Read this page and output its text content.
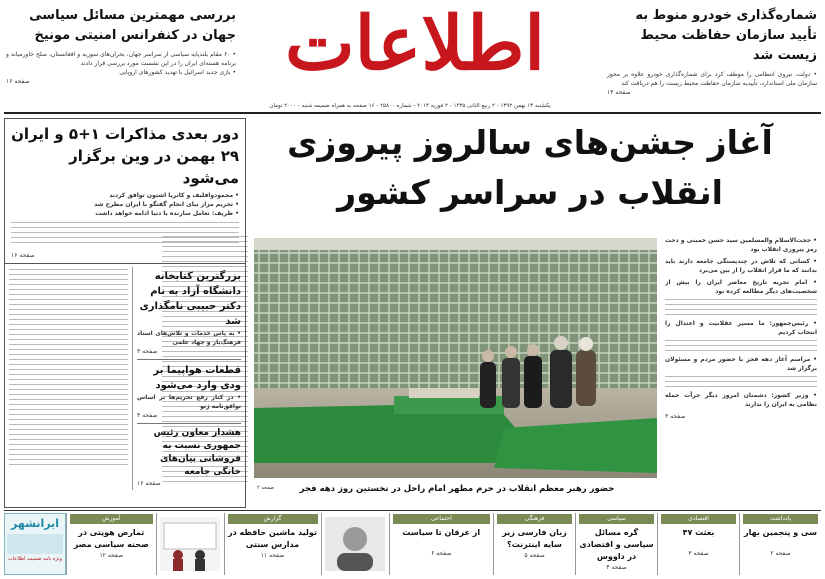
شماره‌گذاری خودرو منوط به تأیید سازمان حفاظت محیط زیست شد
• دولت، نیروی انتظامی را موظف کرد برای شماره‌گذاری خودرو علاوه بر مجوز سازمان ملی استاندارد، تأییدیه سازمان حفاظت محیط زیست را هم دریافت کند
صفحه ۱۴
اطلاعات
بررسی مهمترین مسائل سیاسی جهان در کنفرانس امنیتی مونیخ
• ۶۰ مقام بلندپایه سیاسی از سراسر جهان، بحران‌های سوریه و افغانستان، صلح خاورمیانه و برنامه هسته‌ای ایران را در این نشست مورد بررسی قرار دادند
• بازی جدید اسرائیل با تهدید کشورهای اروپایی
صفحه ۱۶
یکشنبه ۱۳ بهمن ۱۳۹۲ - ۲ ربیع الثانی ۱۴۳۵ - ۲ فوریه ۲۰۱۴ - شماره ۲۵۸۰۰ - ۱۶ صفحه به همراه ضمیمه شنبه - ۲۰۰۰ تومان
آغاز جشن‌های سالروز پیروزی انقلاب در سراسر کشور
حضور رهبر معظم انقلاب در حرم مطهر امام راحل در نخستین روز دهه فجر
صفحه ۲
• حجت‌الاسلام والمسلمین سید حسن خمینی و دحت رمز پیروزی انقلاب بود
• کسانی که تلاش در چندپستگی جامعه دارند باید بدانند که ما قرار انقلاب را از بین می‌برد
• امام تجربه تاریخ معاصر ایران را بیش از شخصیت‌های دیگر مطالعه کرده بود
• رئیس‌جمهور: ما مسیر عقلانیت و اعتدال را انتخاب کردیم
• مراسم آغاز دهه فجر با حضور مردم و مسئولان برگزار شد
• وزیر کشور: دشمنان امروز دیگر جرأت حمله نظامی به ایران را ندارند
صفحه ۳
دور بعدی مذاکرات ۱+۵ و ایران ۲۹ بهمن در وین برگزار می‌شود
• محمودوافلیف و کاتریا اشتون توافق کردند
• تحریم مزار نیای انجام گفتگو با ایران مطرح شد
• ظریف: تعامل سازنده با دنیا ادامه خواهد داشت
صفحه ۱۶
بزرگترین کتابخانه دانشگاه آزاد به نام دکتر حبیبی نامگذاری شد
• به پاس خدمات و تلاش‌های استاد فرهنگ‌یار و جهاد علمی
صفحه ۳
قطعات هواپیما بر ودی وارد می‌شود
• در کنار رفع تحریم‌ها بر اساس توافق‌نامه ژنو
صفحه ۴
هشدار معاون رئیس جمهوری نسبت به فروشانی بیان‌های خانگی جامعه
صفحه ۱۶
یادداشت
سی و پنجمین بهار
صفحه ۲
اقتصادی
بعثت ۴۷
صفحه ۳
سیاسی
گره مسائل سیاسی و اقتصادی در داووس
صفحه ۴
فرهنگی
زبان فارسی زیر سایه اینترنت؟
صفحه ۵
اجتماعی
از عرفان تا سیاست
صفحه ۶
گزارش
تولید ماشین حافظه در مدارس سنتی
صفحه ۱۱
آموزش
تمارض هویتی در صحنه سیاسی مصر
صفحه ۱۲
ایرانشهر
ویژه نامه ضمیمه اطلاعات
